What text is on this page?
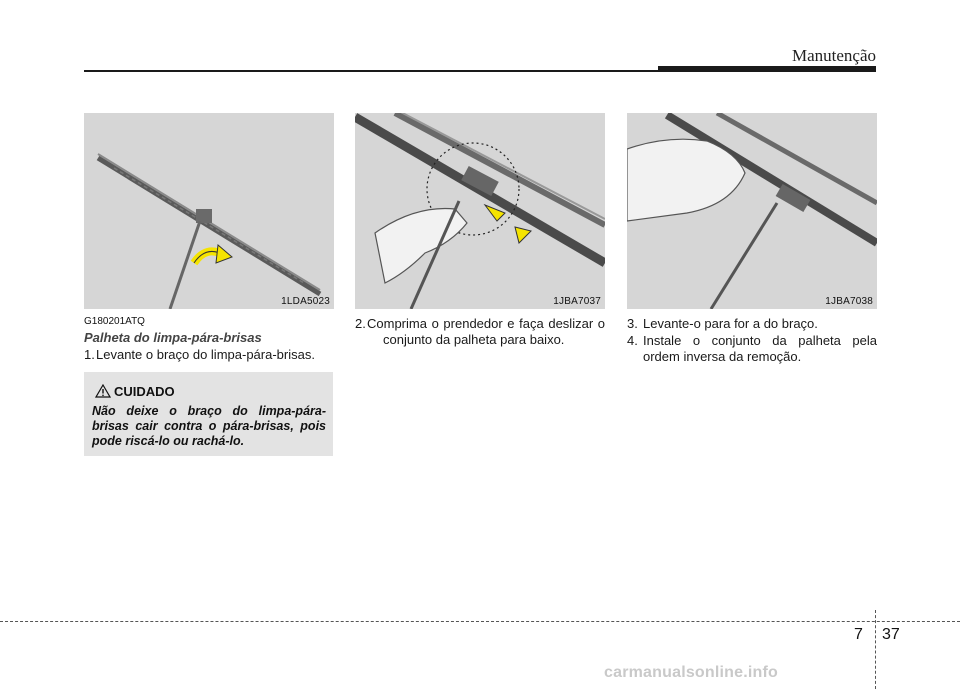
Manutenção
1LDA5023	1JBA7037	1JBA7038
G180201ATQ
Palheta do limpa-pára-brisas
1. Levante o braço do limpa-pára-brisas.
2. Comprima o prendedor e faça deslizar o conjunto da palheta para baixo.
3. Levante-o para for a do braço.
4. Instale o conjunto da palheta pela ordem inversa da remoção.
CUIDADO
Não deixe o braço do limpa-pára-brisas cair contra o pára-brisas, pois pode riscá-lo ou rachá-lo.
7 37
carmanualsonline.info
